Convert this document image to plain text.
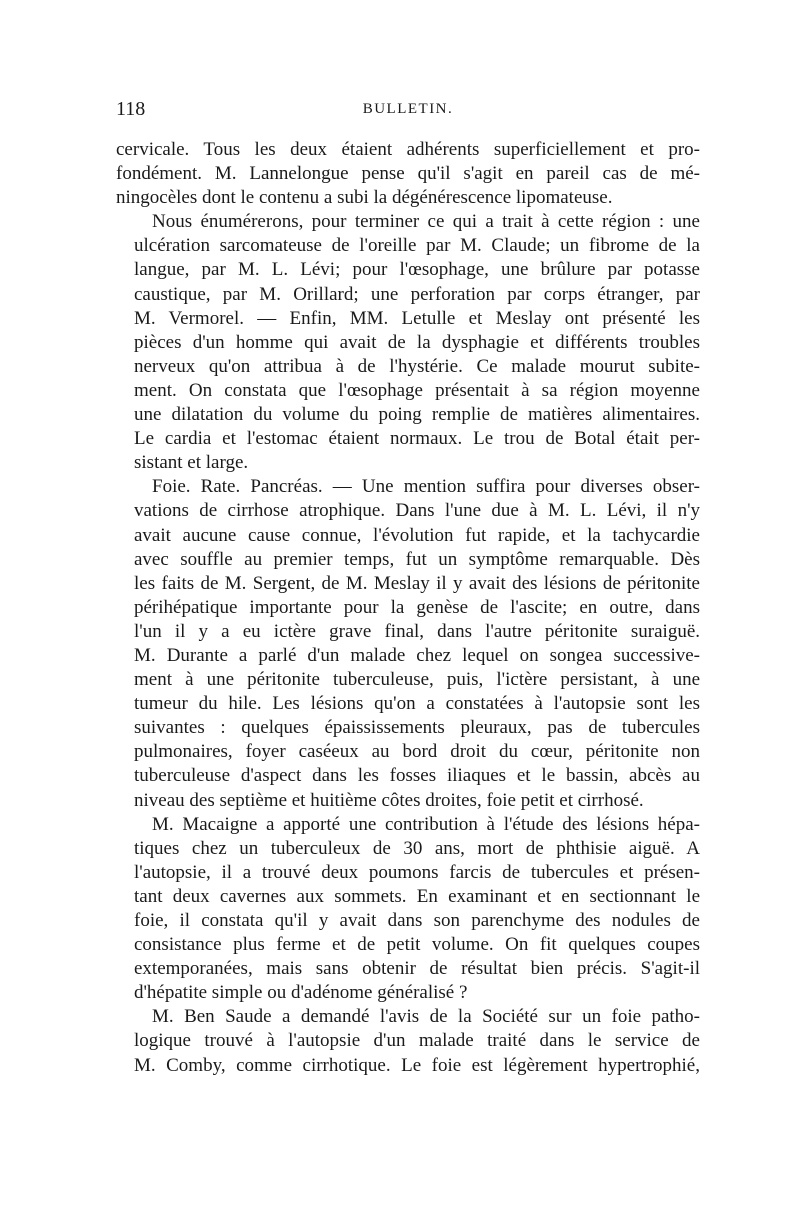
118	BULLETIN.

cervicale. Tous les deux étaient adhérents superficiellement et pro-
fondément. M. Lannelongue pense qu'il s'agit en pareil cas de mé-
ningocèles dont le contenu a subi la dégénérescence lipomateuse.

Nous énumérerons, pour terminer ce qui a trait à cette région : une
ulcération sarcomateuse de l'oreille par M. Claude; un fibrome de la
langue, par M. L. Lévi; pour l'œsophage, une brûlure par potasse
caustique, par M. Orillard; une perforation par corps étranger, par
M. Vermorel. — Enfin, MM. Letulle et Meslay ont présenté les
pièces d'un homme qui avait de la dysphagie et différents troubles
nerveux qu'on attribua à de l'hystérie. Ce malade mourut subite-
ment. On constata que l'œsophage présentait à sa région moyenne
une dilatation du volume du poing remplie de matières alimentaires.
Le cardia et l'estomac étaient normaux. Le trou de Botal était per-
sistant et large.

Foie. Rate. Pancréas. — Une mention suffira pour diverses obser-
vations de cirrhose atrophique. Dans l'une due à M. L. Lévi, il n'y
avait aucune cause connue, l'évolution fut rapide, et la tachycardie
avec souffle au premier temps, fut un symptôme remarquable. Dès
les faits de M. Sergent, de M. Meslay il y avait des lésions de péritonite
périhépatique importante pour la genèse de l'ascite; en outre, dans
l'un il y a eu ictère grave final, dans l'autre péritonite suraiguë.
M. Durante a parlé d'un malade chez lequel on songea successive-
ment à une péritonite tuberculeuse, puis, l'ictère persistant, à une
tumeur du hile. Les lésions qu'on a constatées à l'autopsie sont les
suivantes : quelques épaississements pleuraux, pas de tubercules
pulmonaires, foyer caséeux au bord droit du cœur, péritonite non
tuberculeuse d'aspect dans les fosses iliaques et le bassin, abcès au
niveau des septième et huitième côtes droites, foie petit et cirrhosé.

M. Macaigne a apporté une contribution à l'étude des lésions hépa-
tiques chez un tuberculeux de 30 ans, mort de phthisie aiguë. A
l'autopsie, il a trouvé deux poumons farcis de tubercules et présen-
tant deux cavernes aux sommets. En examinant et en sectionnant le
foie, il constata qu'il y avait dans son parenchyme des nodules de
consistance plus ferme et de petit volume. On fit quelques coupes
extemporanées, mais sans obtenir de résultat bien précis. S'agit-il
d'hépatite simple ou d'adénome généralisé ?

M. Ben Saude a demandé l'avis de la Société sur un foie patho-
logique trouvé à l'autopsie d'un malade traité dans le service de
M. Comby, comme cirrhotique. Le foie est légèrement hypertrophié,
